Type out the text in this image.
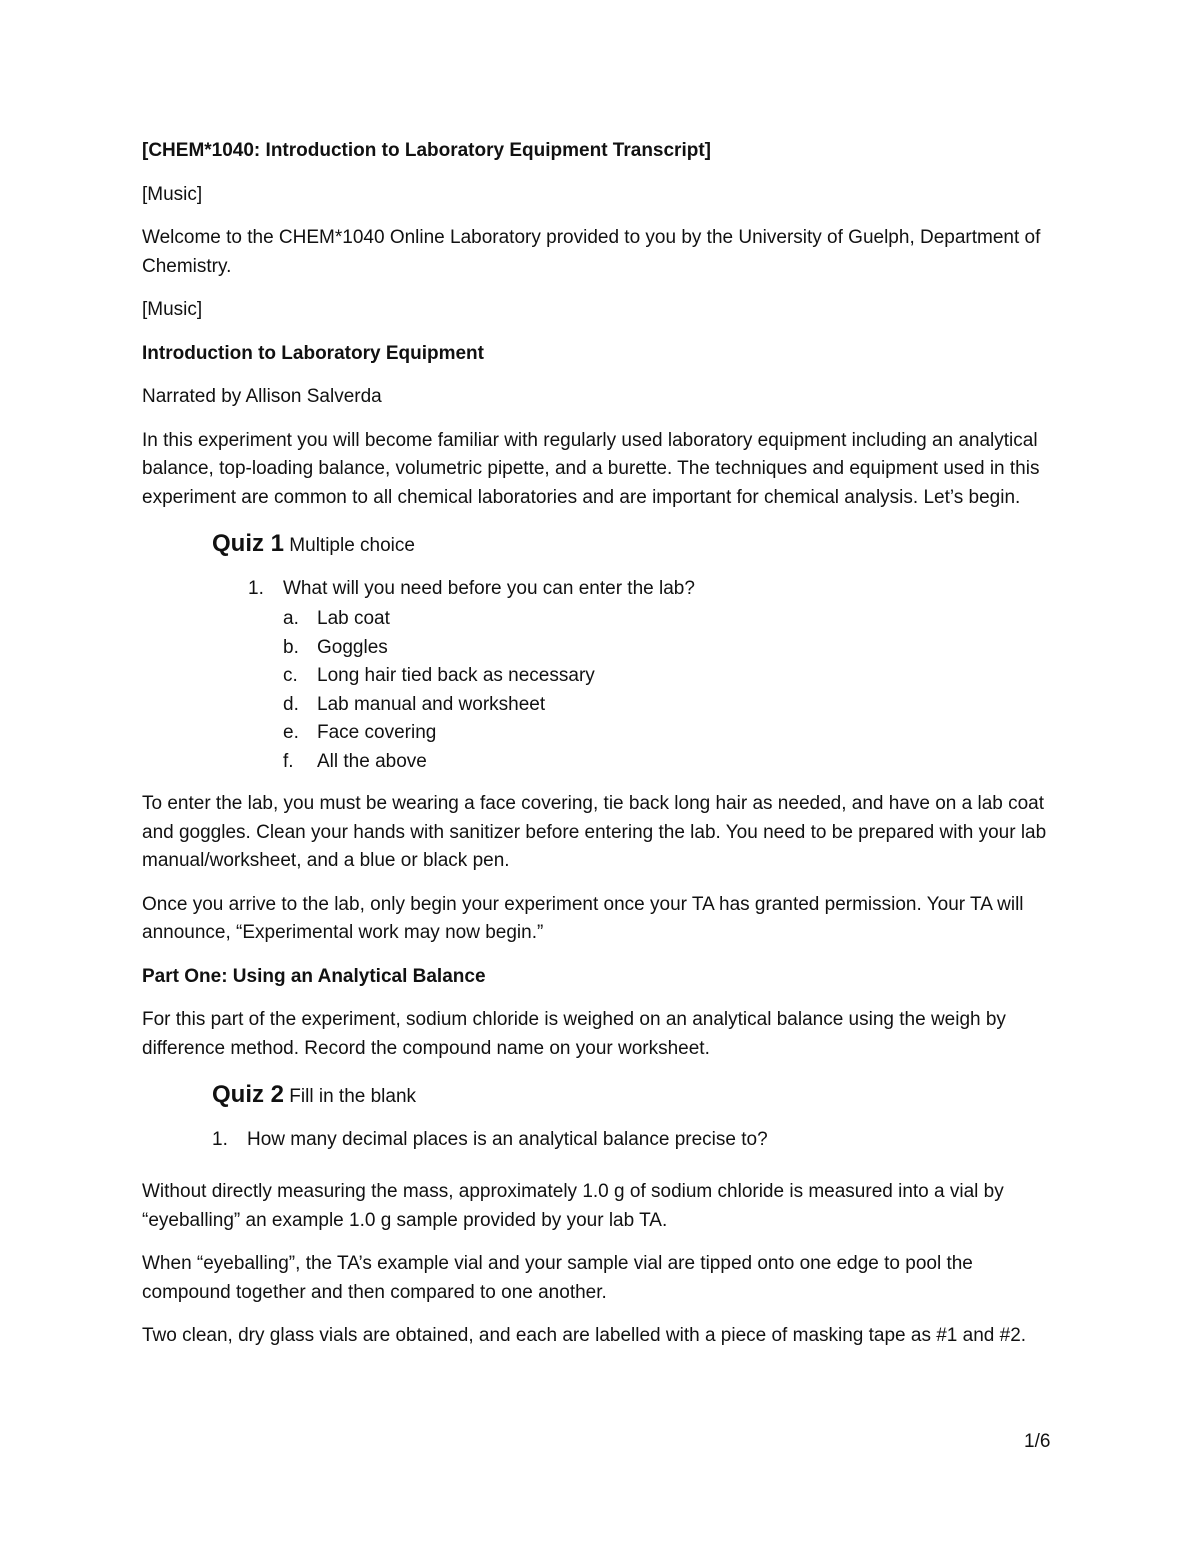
[CHEM*1040: Introduction to Laboratory Equipment Transcript]

[Music]

Welcome to the CHEM*1040 Online Laboratory provided to you by the University of Guelph, Department of Chemistry.

[Music]

Introduction to Laboratory Equipment

Narrated by Allison Salverda

In this experiment you will become familiar with regularly used laboratory equipment including an analytical balance, top-loading balance, volumetric pipette, and a burette. The techniques and equipment used in this experiment are common to all chemical laboratories and are important for chemical analysis. Let’s begin.

Quiz 1 Multiple choice
1. What will you need before you can enter the lab?
a. Lab coat
b. Goggles
c. Long hair tied back as necessary
d. Lab manual and worksheet
e. Face covering
f. All the above

To enter the lab, you must be wearing a face covering, tie back long hair as needed, and have on a lab coat and goggles. Clean your hands with sanitizer before entering the lab. You need to be prepared with your lab manual/worksheet, and a blue or black pen.

Once you arrive to the lab, only begin your experiment once your TA has granted permission. Your TA will announce, “Experimental work may now begin.”

Part One: Using an Analytical Balance

For this part of the experiment, sodium chloride is weighed on an analytical balance using the weigh by difference method. Record the compound name on your worksheet.

Quiz 2 Fill in the blank
1. How many decimal places is an analytical balance precise to?

Without directly measuring the mass, approximately 1.0 g of sodium chloride is measured into a vial by “eyeballing” an example 1.0 g sample provided by your lab TA.

When “eyeballing”, the TA’s example vial and your sample vial are tipped onto one edge to pool the compound together and then compared to one another.

Two clean, dry glass vials are obtained, and each are labelled with a piece of masking tape as #1 and #2.

1/6
